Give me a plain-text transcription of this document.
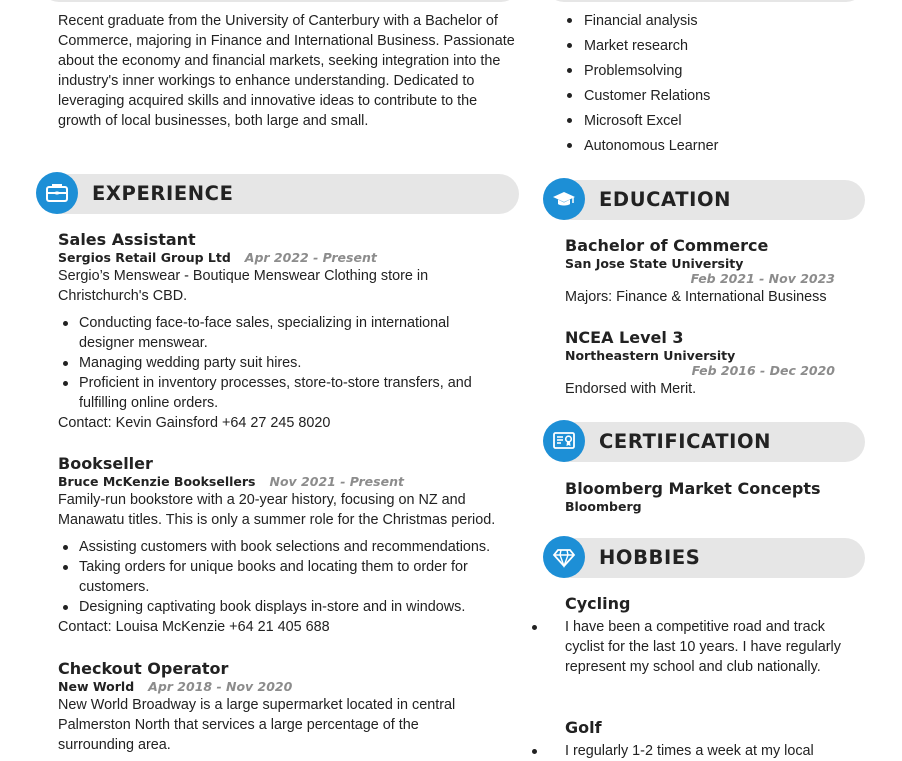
Recent graduate from the University of Canterbury with a Bachelor of Commerce, majoring in Finance and International Business. Passionate about the economy and financial markets, seeking integration into the industry's inner workings to enhance understanding. Dedicated to leveraging acquired skills and innovative ideas to contribute to the growth of local businesses, both large and small.

Financial analysis
Market research
Problemsolving
Customer Relations
Microsoft Excel
Autonomous Learner
EXPERIENCE
Sales Assistant
Sergios Retail Group Ltd Apr 2022 - Present

Sergio’s Menswear - Boutique Menswear Clothing store in Christchurch's CBD.

Conducting face-to-face sales, specializing in international designer menswear.
Managing wedding party suit hires.
Proficient in inventory processes, store-to-store transfers, and fulfilling online orders.

Contact: Kevin Gainsford +64 27 245 8020

Bookseller
Bruce McKenzie Booksellers Nov 2021 - Present

Family-run bookstore with a 20-year history, focusing on NZ and Manawatu titles. This is only a summer role for the Christmas period.

Assisting customers with book selections and recommendations.
Taking orders for unique books and locating them to order for customers.
Designing captivating book displays in-store and in windows.

Contact: Louisa McKenzie +64 21 405 688

Checkout Operator
New World Apr 2018 - Nov 2020

New World Broadway is a large supermarket located in central Palmerston North that services a large percentage of the surrounding area.

EDUCATION
Bachelor of Commerce
San Jose State University
Feb 2021 - Nov 2023

Majors: Finance & International Business

NCEA Level 3
Northeastern University
Feb 2016 - Dec 2020

Endorsed with Merit.

CERTIFICATION
Bloomberg Market Concepts
Bloomberg
HOBBIES
Cycling
I have been a competitive road and track cyclist for the last 10 years. I have regularly represent my school and club nationally.
Golf
I regularly 1-2 times a week at my local
